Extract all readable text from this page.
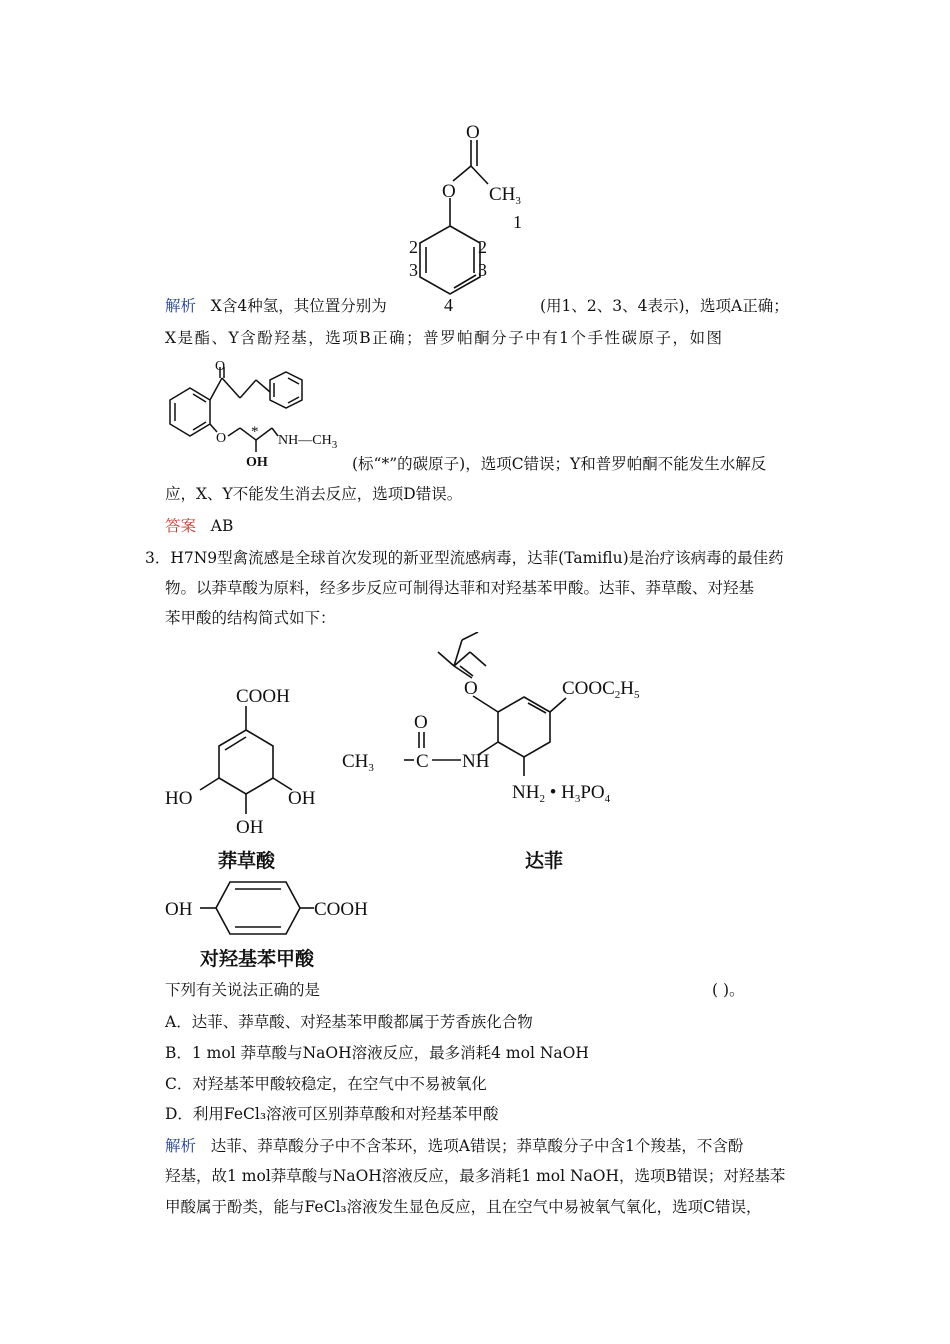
O
O $CH_3$
1
2	2
3	3
4
解析 X含4种氢，其位置分别为	(用1、2、3、4表示)，选项A正确；
X是酯、Y含酚羟基，选项B正确；普罗帕酮分子中有1个手性碳原子，如图
O
O *
$NH—CH_3$
OH	(标“*”的碳原子)，选项C错误；Y和普罗帕酮不能发生水解反
应，X、Y不能发生消去反应，选项D错误。
答案 AB
3．H7N9型禽流感是全球首次发现的新亚型流感病毒，达菲(Tamiflu)是治疗该病毒的最佳药
物。以莽草酸为原料，经多步反应可制得达菲和对羟基苯甲酸。达菲、莽草酸、对羟基
苯甲酸的结构简式如下：
COOH
HO	OH
OH
莽草酸
O	$COOC_2H_5$
O
$CH_3$ C NH
$NH_2$ • $H_3PO_4$
达菲
OH	COOH
对羟基苯甲酸
下列有关说法正确的是	( )。
A．达菲、莽草酸、对羟基苯甲酸都属于芳香族化合物
B．1 mol 莽草酸与NaOH溶液反应，最多消耗4 mol NaOH
C．对羟基苯甲酸较稳定，在空气中不易被氧化
D．利用FeCl₃溶液可区别莽草酸和对羟基苯甲酸
解析 达菲、莽草酸分子中不含苯环，选项A错误；莽草酸分子中含1个羧基，不含酚
羟基，故1 mol莽草酸与NaOH溶液反应，最多消耗1 mol NaOH，选项B错误；对羟基苯
甲酸属于酚类，能与FeCl₃溶液发生显色反应，且在空气中易被氧气氧化，选项C错误，
